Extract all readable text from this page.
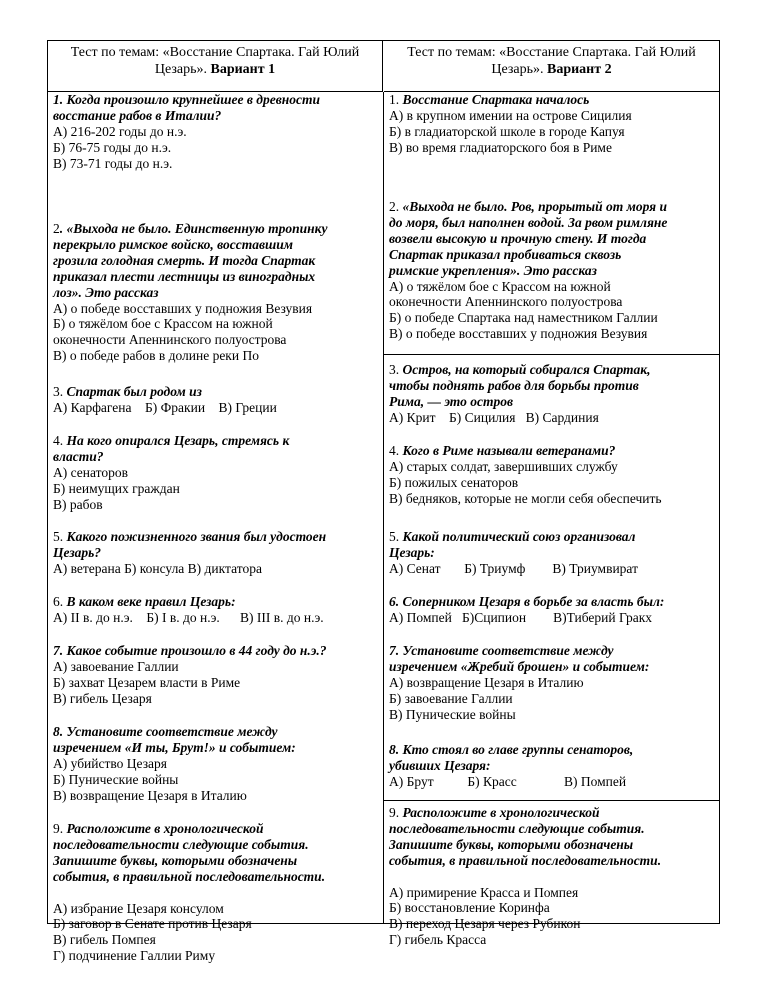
Тест по темам: «Восстание Спартака. Гай Юлий
Цезарь». Вариант 1
Тест по темам: «Восстание Спартака. Гай Юлий
Цезарь». Вариант 2

1. Когда произошло крупнейшее в древности

восстание рабов в Италии?

А) 216-202 годы до н.э.

Б) 76-75 годы до н.э.

В) 73-71 годы до н.э.

2. «Выхода не было. Единственную тропинку

перекрыло римское войско, восставшим

грозила голодная смерть. И тогда Спартак

приказал плести лестницы из виноградных

лоз». Это рассказ

А) о победе восставших у подножия Везувия

Б) о тяжёлом бое с Крассом на южной

оконечности Апеннинского полуострова

В) о победе рабов в долине реки По

3. Спартак был родом из

А) Карфагена Б) Фракии В) Греции

4. На кого опирался Цезарь, стремясь к

власти?

А) сенаторов

Б) неимущих граждан

В) рабов

5. Какого пожизненного звания был удостоен

Цезарь?

А) ветерана Б) консула В) диктатора

6. В каком веке правил Цезарь:

А) II в. до н.э. Б) I в. до н.э. В) III в. до н.э.

7. Какое событие произошло в 44 году до н.э.?

А) завоевание Галлии

Б) захват Цезарем власти в Риме

В) гибель Цезаря

8. Установите соответствие между

изречением «И ты, Брут!» и событием:

А) убийство Цезаря

Б) Пунические войны

В) возвращение Цезаря в Италию

9. Расположите в хронологической

последовательности следующие события.

Запишите буквы, которыми обозначены

события, в правильной последовательности.

А) избрание Цезаря консулом

Б) заговор в Сенате против Цезаря

В) гибель Помпея

Г) подчинение Галлии Риму

1. Восстание Спартака началось

А) в крупном имении на острове Сицилия

Б) в гладиаторской школе в городе Капуя

В) во время гладиаторского боя в Риме

2. «Выхода не было. Ров, прорытый от моря и

до моря, был наполнен водой. За рвом римляне

возвели высокую и прочную стену. И тогда

Спартак приказал пробиваться сквозь

римские укрепления». Это рассказ

А) о тяжёлом бое с Крассом на южной

оконечности Апеннинского полуострова

Б) о победе Спартака над наместником Галлии

В) о победе восставших у подножия Везувия

3. Остров, на который собирался Спартак,

чтобы поднять рабов для борьбы против

Рима, — это остров

А) Крит Б) Сицилия В) Сардиния

4. Кого в Риме называли ветеранами?

А) старых солдат, завершивших службу

Б) пожилых сенаторов

В) бедняков, которые не могли себя обеспечить

5. Какой политический союз организовал

Цезарь:

А) Сенат Б) Триумф В) Триумвират

6. Соперником Цезаря в борьбе за власть был:

А) Помпей Б)Сципион В)Тиберий Гракх

7. Установите соответствие между

изречением «Жребий брошен» и событием:

А) возвращение Цезаря в Италию

Б) завоевание Галлии

В) Пунические войны

8. Кто стоял во главе группы сенаторов,

убивших Цезаря:

А) Брут	Б) Красс	В) Помпей

9. Расположите в хронологической

последовательности следующие события.

Запишите буквы, которыми обозначены

события, в правильной последовательности.

А) примирение Красса и Помпея

Б) восстановление Коринфа

В) переход Цезаря через Рубикон

Г) гибель Красса
